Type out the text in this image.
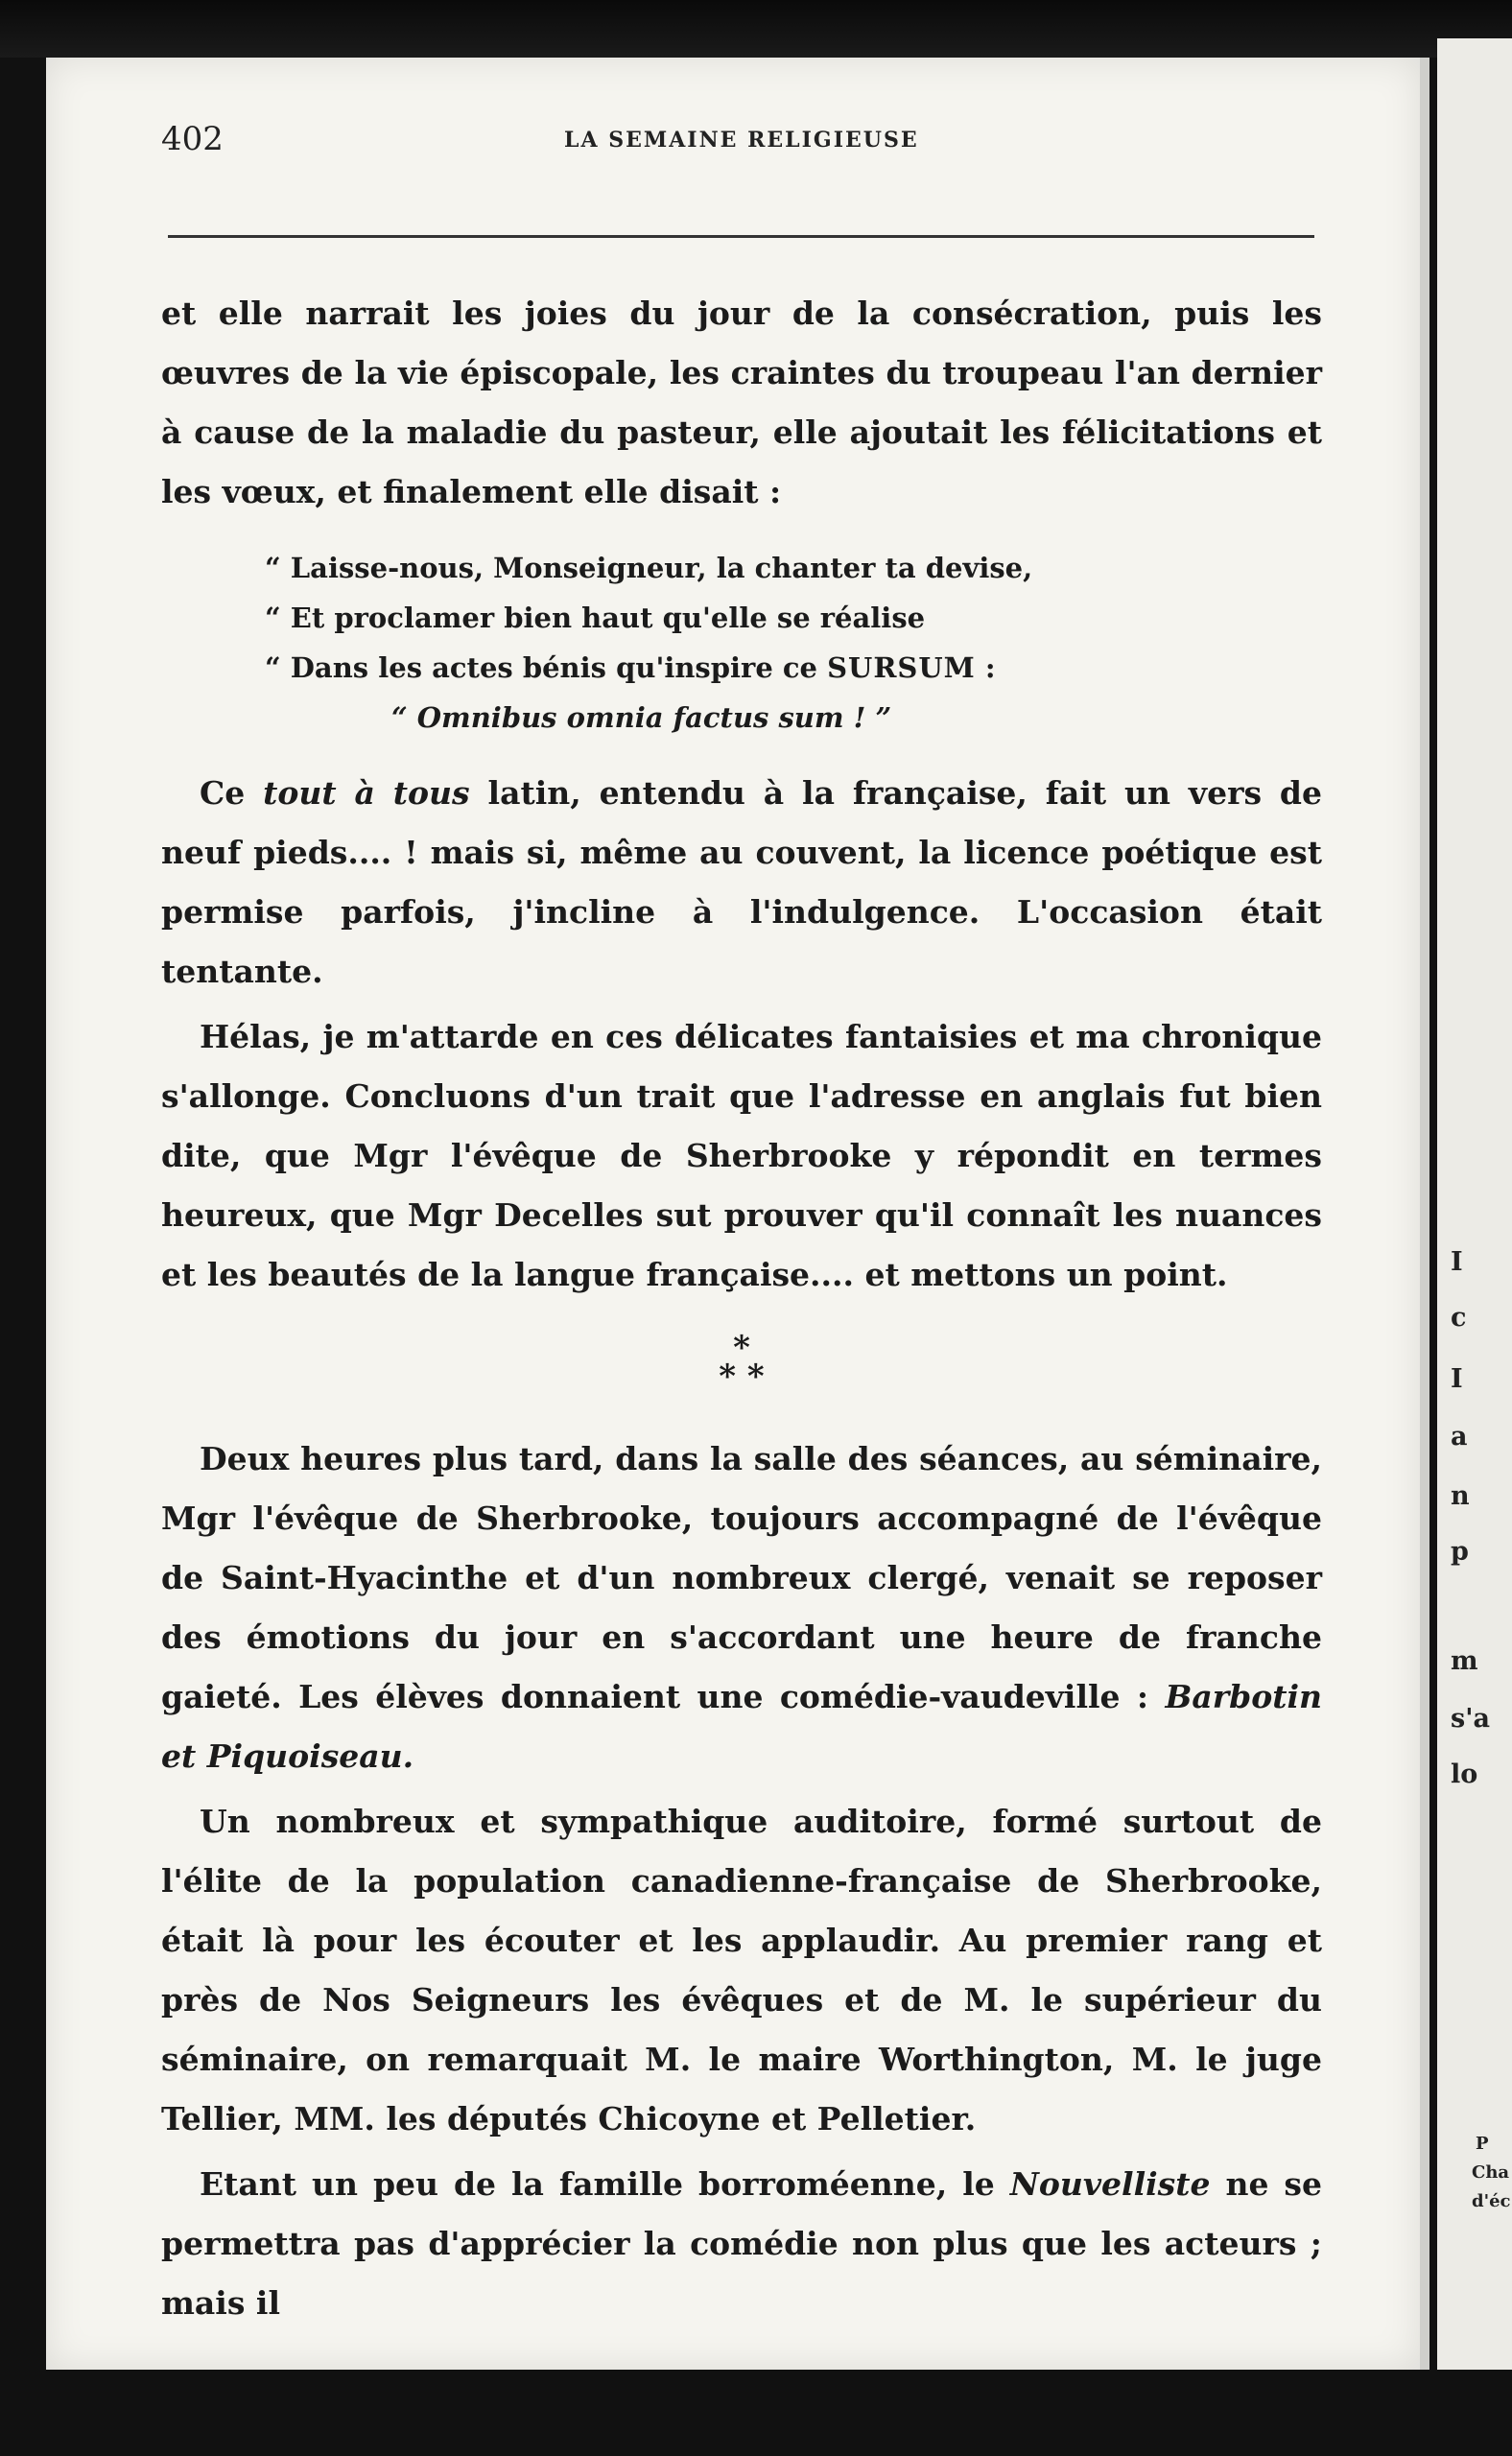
I
c
I
a
n
p
m
s'a
lo
P
Cha
d'éc
402	LA SEMAINE RELIGIEUSE

et elle narrait les joies du jour de la consécration, puis les œuvres de la vie épiscopale, les craintes du troupeau l'an dernier à cause de la maladie du pasteur, elle ajoutait les félicitations et les vœux, et finalement elle disait :

“ Laisse-nous, Monseigneur, la chanter ta devise,
“ Et proclamer bien haut qu'elle se réalise
“ Dans les actes bénis qu'inspire ce SURSUM :
“ Omnibus omnia factus sum ! ”

Ce tout à tous latin, entendu à la française, fait un vers de neuf pieds.... ! mais si, même au couvent, la licence poétique est permise parfois, j'incline à l'indulgence. L'occasion était tentante.

Hélas, je m'attarde en ces délicates fantaisies et ma chronique s'allonge. Concluons d'un trait que l'adresse en anglais fut bien dite, que Mgr l'évêque de Sherbrooke y répondit en termes heureux, que Mgr Decelles sut prouver qu'il connaît les nuances et les beautés de la langue française.... et mettons un point.

*
* *

Deux heures plus tard, dans la salle des séances, au séminaire, Mgr l'évêque de Sherbrooke, toujours accompagné de l'évêque de Saint-Hyacinthe et d'un nombreux clergé, venait se reposer des émotions du jour en s'accordant une heure de franche gaieté. Les élèves donnaient une comédie-vaudeville : Barbotin et Piquoiseau.

Un nombreux et sympathique auditoire, formé surtout de l'élite de la population canadienne-française de Sherbrooke, était là pour les écouter et les applaudir. Au premier rang et près de Nos Seigneurs les évêques et de M. le supérieur du séminaire, on remarquait M. le maire Worthington, M. le juge Tellier, MM. les députés Chicoyne et Pelletier.

Etant un peu de la famille borroméenne, le Nouvelliste ne se permettra pas d'apprécier la comédie non plus que les acteurs ; mais il
